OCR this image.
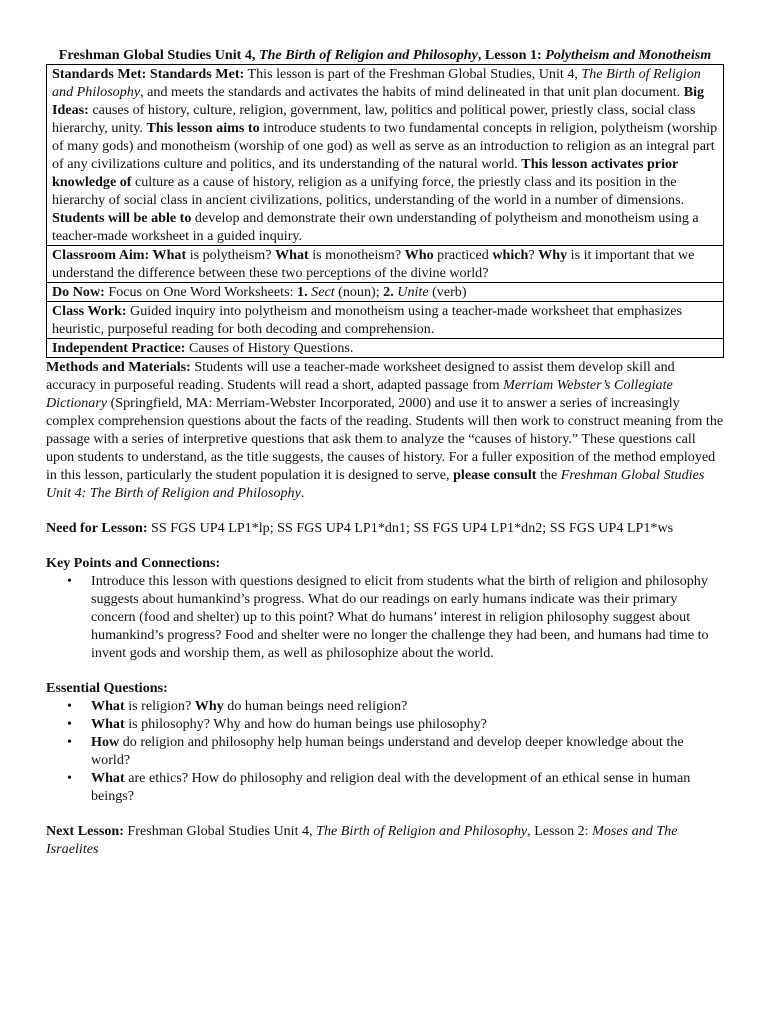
Freshman Global Studies Unit 4, The Birth of Religion and Philosophy, Lesson 1: Polytheism and Monotheism

Standards Met: Standards Met: This lesson is part of the Freshman Global Studies, Unit 4, The Birth of Religion and Philosophy, and meets the standards and activates the habits of mind delineated in that unit plan document. Big Ideas: causes of history, culture, religion, government, law, politics and political power, priestly class, social class hierarchy, unity. This lesson aims to introduce students to two fundamental concepts in religion, polytheism (worship of many gods) and monotheism (worship of one god) as well as serve as an introduction to religion as an integral part of any civilizations culture and politics, and its understanding of the natural world. This lesson activates prior knowledge of culture as a cause of history, religion as a unifying force, the priestly class and its position in the hierarchy of social class in ancient civilizations, politics, understanding of the world in a number of dimensions. Students will be able to develop and demonstrate their own understanding of polytheism and monotheism using a teacher-made worksheet in a guided inquiry.
Classroom Aim: What is polytheism? What is monotheism? Who practiced which? Why is it important that we understand the difference between these two perceptions of the divine world?
Do Now: Focus on One Word Worksheets: 1. Sect (noun); 2. Unite (verb)
Class Work: Guided inquiry into polytheism and monotheism using a teacher-made worksheet that emphasizes heuristic, purposeful reading for both decoding and comprehension.
Independent Practice: Causes of History Questions.

Methods and Materials: Students will use a teacher-made worksheet designed to assist them develop skill and accuracy in purposeful reading. Students will read a short, adapted passage from Merriam Webster’s Collegiate Dictionary (Springfield, MA: Merriam-Webster Incorporated, 2000) and use it to answer a series of increasingly complex comprehension questions about the facts of the reading. Students will then work to construct meaning from the passage with a series of interpretive questions that ask them to analyze the “causes of history.” These questions call upon students to understand, as the title suggests, the causes of history. For a fuller exposition of the method employed in this lesson, particularly the student population it is designed to serve, please consult the Freshman Global Studies Unit 4: The Birth of Religion and Philosophy.

Need for Lesson: SS FGS UP4 LP1*lp; SS FGS UP4 LP1*dn1; SS FGS UP4 LP1*dn2; SS FGS UP4 LP1*ws

Key Points and Connections:

• Introduce this lesson with questions designed to elicit from students what the birth of religion and philosophy suggests about humankind’s progress. What do our readings on early humans indicate was their primary concern (food and shelter) up to this point? What do humans’ interest in religion philosophy suggest about humankind’s progress? Food and shelter were no longer the challenge they had been, and humans had time to invent gods and worship them, as well as philosophize about the world.

Essential Questions:

• What is religion? Why do human beings need religion?
• What is philosophy? Why and how do human beings use philosophy?
• How do religion and philosophy help human beings understand and develop deeper knowledge about the world?
• What are ethics? How do philosophy and religion deal with the development of an ethical sense in human beings?

Next Lesson: Freshman Global Studies Unit 4, The Birth of Religion and Philosophy, Lesson 2: Moses and The Israelites
